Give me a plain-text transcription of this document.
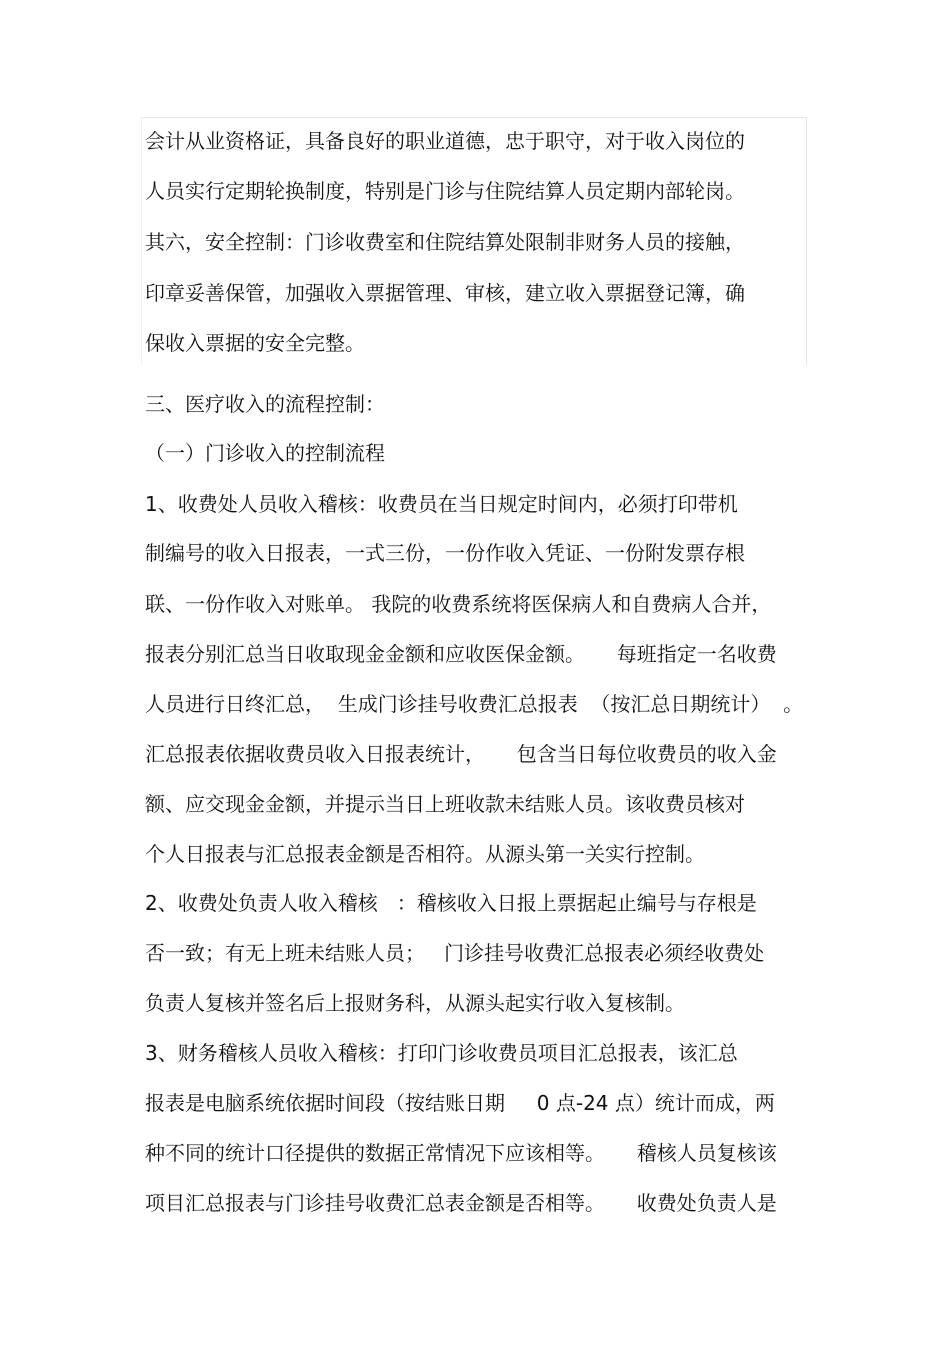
会计从业资格证，具备良好的职业道德，忠于职守，对于收入岗位的
人员实行定期轮换制度，特别是门诊与住院结算人员定期内部轮岗。
其六，安全控制：门诊收费室和住院结算处限制非财务人员的接触，
印章妥善保管，加强收入票据管理、审核，建立收入票据登记簿，确
保收入票据的安全完整。
三、医疗收入的流程控制：
（一）门诊收入的控制流程
1、收费处人员收入稽核：收费员在当日规定时间内，必须打印带机
制编号的收入日报表，一式三份，一份作收入凭证、一份附发票存根
联、一份作收入对账单。 我院的收费系统将医保病人和自费病人合并，
报表分别汇总当日收取现金金额和应收医保金额。     每班指定一名收费
人员进行日终汇总，  生成门诊挂号收费汇总报表  （按汇总日期统计）  。
汇总报表依据收费员收入日报表统计，     包含当日每位收费员的收入金
额、应交现金金额，并提示当日上班收款未结账人员。该收费员核对
个人日报表与汇总报表金额是否相符。从源头第一关实行控制。
2、收费处负责人收入稽核   ：稽核收入日报上票据起止编号与存根是
否一致；有无上班未结账人员；   门诊挂号收费汇总报表必须经收费处
负责人复核并签名后上报财务科，从源头起实行收入复核制。
3、财务稽核人员收入稽核：打印门诊收费员项目汇总报表，该汇总
报表是电脑系统依据时间段（按结账日期     0 点-24 点）统计而成，两
种不同的统计口径提供的数据正常情况下应该相等。     稽核人员复核该
项目汇总报表与门诊挂号收费汇总表金额是否相等。     收费处负责人是
